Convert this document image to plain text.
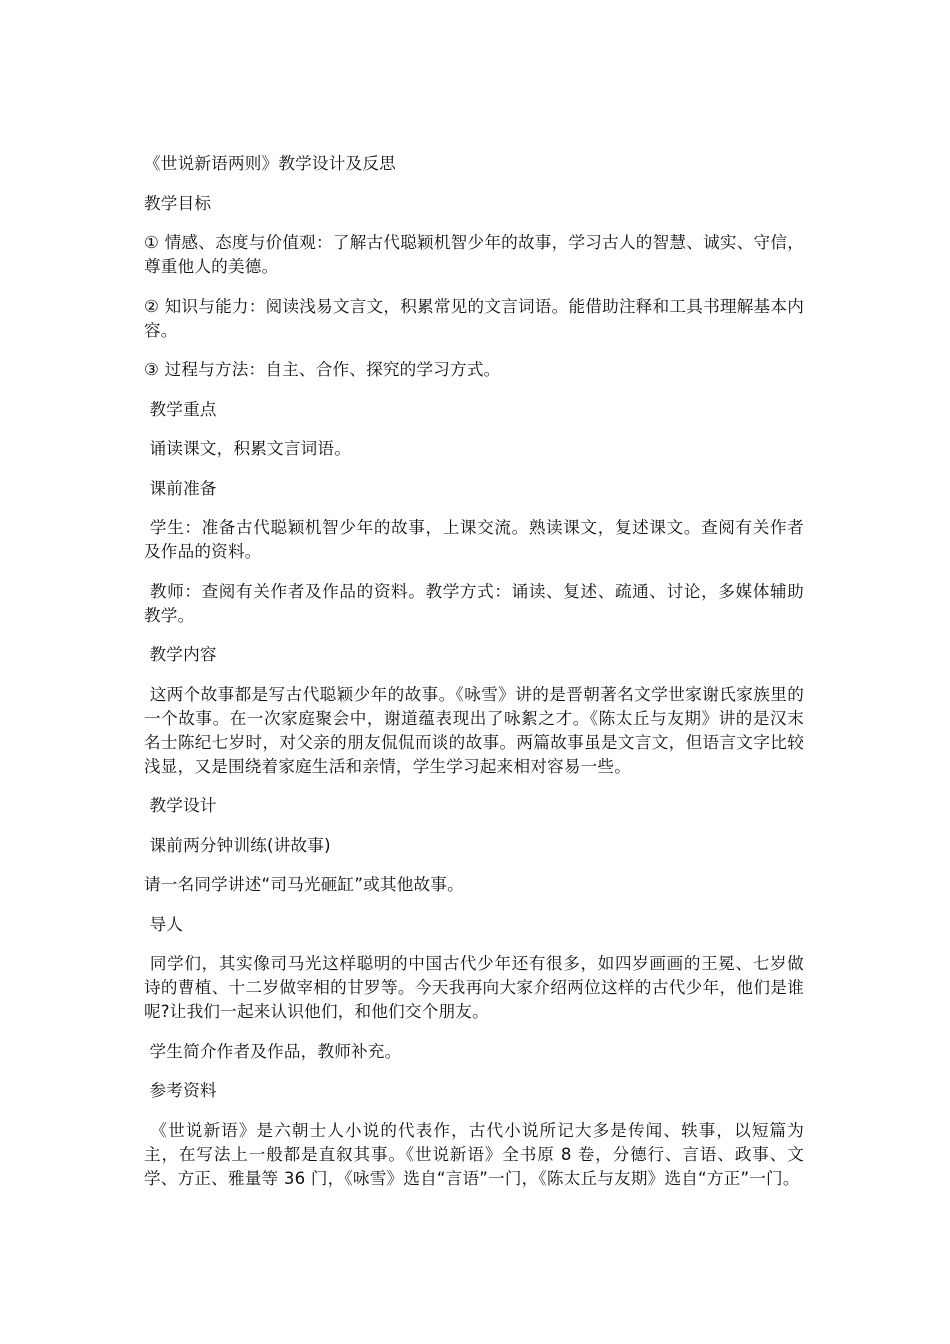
《世说新语两则》教学设计及反思

教学目标

① 情感、态度与价值观：了解古代聪颖机智少年的故事，学习古人的智慧、诚实、守信，尊重他人的美德。

② 知识与能力：阅读浅易文言文，积累常见的文言词语。能借助注释和工具书理解基本内容。

③ 过程与方法：自主、合作、探究的学习方式。

教学重点

诵读课文，积累文言词语。

课前准备

学生：准备古代聪颖机智少年的故事，上课交流。熟读课文，复述课文。查阅有关作者及作品的资料。

教师：查阅有关作者及作品的资料。教学方式：诵读、复述、疏通、讨论，多媒体辅助教学。

教学内容

这两个故事都是写古代聪颖少年的故事。《咏雪》讲的是晋朝著名文学世家谢氏家族里的一个故事。在一次家庭聚会中，谢道蕴表现出了咏絮之才。《陈太丘与友期》讲的是汉末名士陈纪七岁时，对父亲的朋友侃侃而谈的故事。两篇故事虽是文言文，但语言文字比较浅显，又是围绕着家庭生活和亲情，学生学习起来相对容易一些。

教学设计

课前两分钟训练(讲故事)

请一名同学讲述“司马光砸缸”或其他故事。

导人

同学们，其实像司马光这样聪明的中国古代少年还有很多，如四岁画画的王冕、七岁做诗的曹植、十二岁做宰相的甘罗等。今天我再向大家介绍两位这样的古代少年，他们是谁呢?让我们一起来认识他们，和他们交个朋友。

学生简介作者及作品，教师补充。

参考资料

《世说新语》是六朝士人小说的代表作，古代小说所记大多是传闻、轶事，以短篇为主，在写法上一般都是直叙其事。《世说新语》全书原 8 卷，分德行、言语、政事、文学、方正、雅量等 36 门，《咏雪》选自“言语”一门，《陈太丘与友期》选自“方正”一门。
